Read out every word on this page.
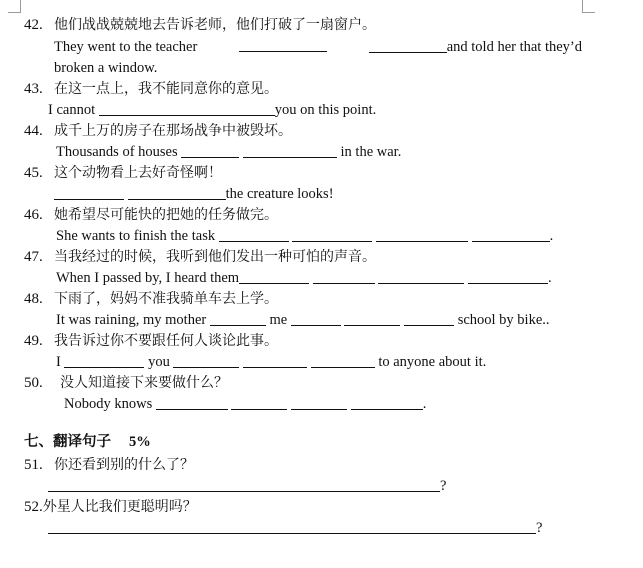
42. 他们战战兢兢地去告诉老师，他们打破了一扇窗户。
They went to the teacher	and told her that they’d
broken a window.
43. 在这一点上，我不能同意你的意见。
I cannot	you on this point.
44. 成千上万的房子在那场战争中被毁坏。
Thousands of houses	in the war.
45. 这个动物看上去好奇怪啊！
the creature looks!
46. 她希望尽可能快的把她的任务做完。
She wants to finish the task	.
47. 当我经过的时候，我听到他们发出一种可怕的声音。
When I passed by, I heard them	.
48. 下雨了，妈妈不准我骑单车去上学。
It was raining, my mother	me	school by bike..
49. 我告诉过你不要跟任何人谈论此事。
I	you	to anyone about it.
50. 没人知道接下来要做什么？
Nobody knows	.
七、翻译句子 5%
51. 你还看到别的什么了？
?
52.外星人比我们更聪明吗？
?
